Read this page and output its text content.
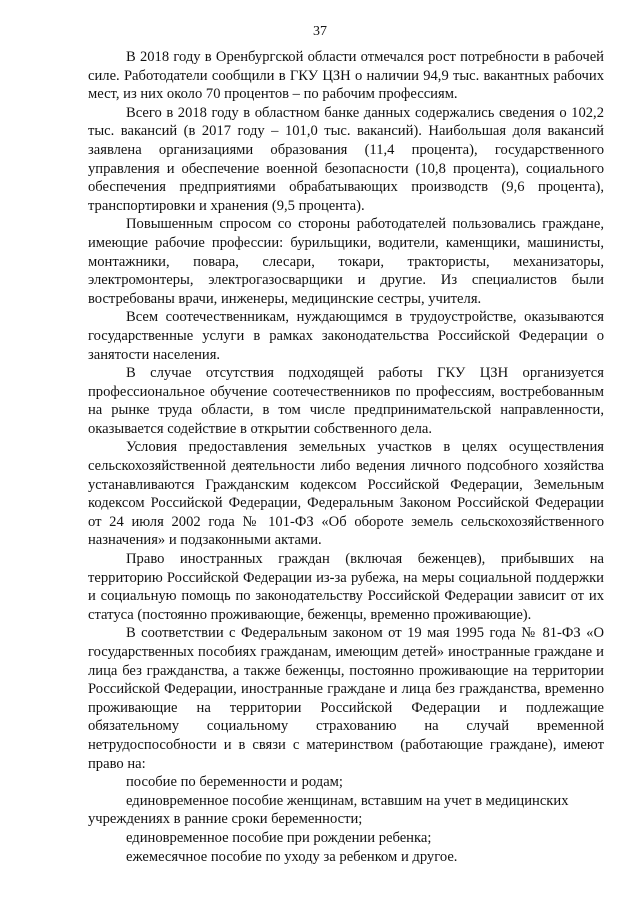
37

В 2018 году в Оренбургской области отмечался рост потребности в рабочей силе. Работодатели сообщили в ГКУ ЦЗН о наличии 94,9 тыс. вакантных рабочих мест, из них около 70 процентов – по рабочим профессиям.

Всего в 2018 году в областном банке данных содержались сведения о 102,2 тыс. вакансий (в 2017 году – 101,0 тыс. вакансий). Наибольшая доля вакансий заявлена организациями образования (11,4 процента), государственного управления и обеспечение военной безопасности (10,8 процента), социального обеспечения предприятиями обрабатывающих производств (9,6 процента), транспортировки и хранения (9,5 процента).

Повышенным спросом со стороны работодателей пользовались граждане, имеющие рабочие профессии: бурильщики, водители, каменщики, машинисты, монтажники, повара, слесари, токари, трактористы, механизаторы, электромонтеры, электрогазосварщики и другие. Из специалистов были востребованы врачи, инженеры, медицинские сестры, учителя.

Всем соотечественникам, нуждающимся в трудоустройстве, оказываются государственные услуги в рамках законодательства Российской Федерации о занятости населения.

В случае отсутствия подходящей работы ГКУ ЦЗН организуется профессиональное обучение соотечественников по профессиям, востребованным на рынке труда области, в том числе предпринимательской направленности, оказывается содействие в открытии собственного дела.

Условия предоставления земельных участков в целях осуществления сельскохозяйственной деятельности либо ведения личного подсобного хозяйства устанавливаются Гражданским кодексом Российской Федерации, Земельным кодексом Российской Федерации, Федеральным Законом Российской Федерации от 24 июля 2002 года № 101-ФЗ «Об обороте земель сельскохозяйственного назначения» и подзаконными актами.

Право иностранных граждан (включая беженцев), прибывших на территорию Российской Федерации из-за рубежа, на меры социальной поддержки и социальную помощь по законодательству Российской Федерации зависит от их статуса (постоянно проживающие, беженцы, временно проживающие).

В соответствии с Федеральным законом от 19 мая 1995 года № 81-ФЗ «О государственных пособиях гражданам, имеющим детей» иностранные граждане и лица без гражданства, а также беженцы, постоянно проживающие на территории Российской Федерации, иностранные граждане и лица без гражданства, временно проживающие на территории Российской Федерации и подлежащие обязательному социальному страхованию на случай временной нетрудоспособности и в связи с материнством (работающие граждане), имеют право на:

пособие по беременности и родам;

единовременное пособие женщинам, вставшим на учет в медицинских учреждениях в ранние сроки беременности;

единовременное пособие при рождении ребенка;

ежемесячное пособие по уходу за ребенком и другое.
